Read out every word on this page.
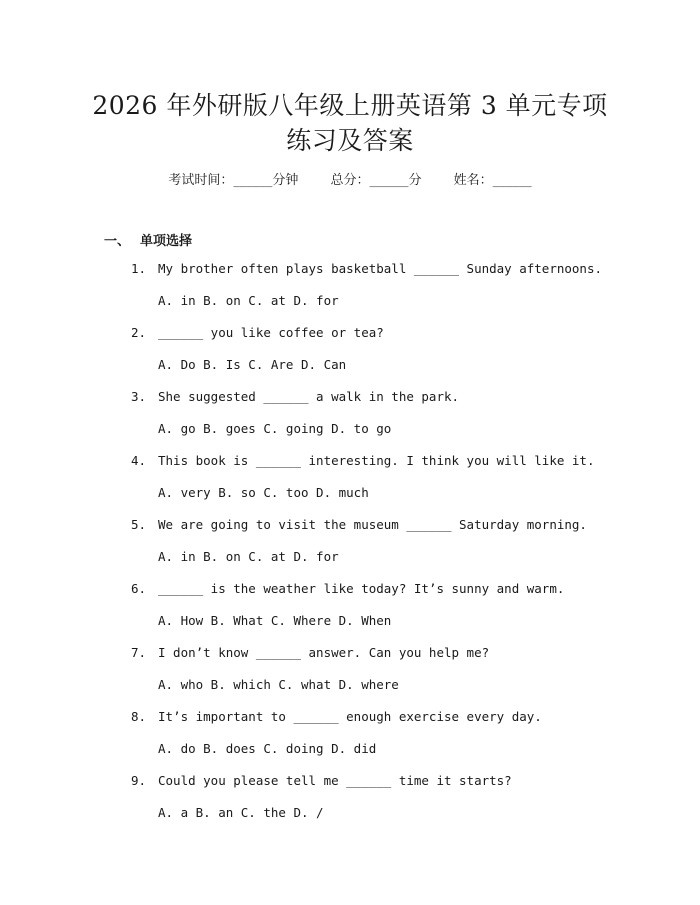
2026 年外研版八年级上册英语第 3 单元专项
练习及答案
考试时间：______分钟 总分：______分 姓名：______
一、 单项选择
1. My brother often plays basketball ______ Sunday afternoons.
A. in B. on C. at D. for
2. ______ you like coffee or tea?
A. Do B. Is C. Are D. Can
3. She suggested ______ a walk in the park.
A. go B. goes C. going D. to go
4. This book is ______ interesting. I think you will like it.
A. very B. so C. too D. much
5. We are going to visit the museum ______ Saturday morning.
A. in B. on C. at D. for
6. ______ is the weather like today? It’s sunny and warm.
A. How B. What C. Where D. When
7. I don’t know ______ answer. Can you help me?
A. who B. which C. what D. where
8. It’s important to ______ enough exercise every day.
A. do B. does C. doing D. did
9. Could you please tell me ______ time it starts?
A. a B. an C. the D. /
